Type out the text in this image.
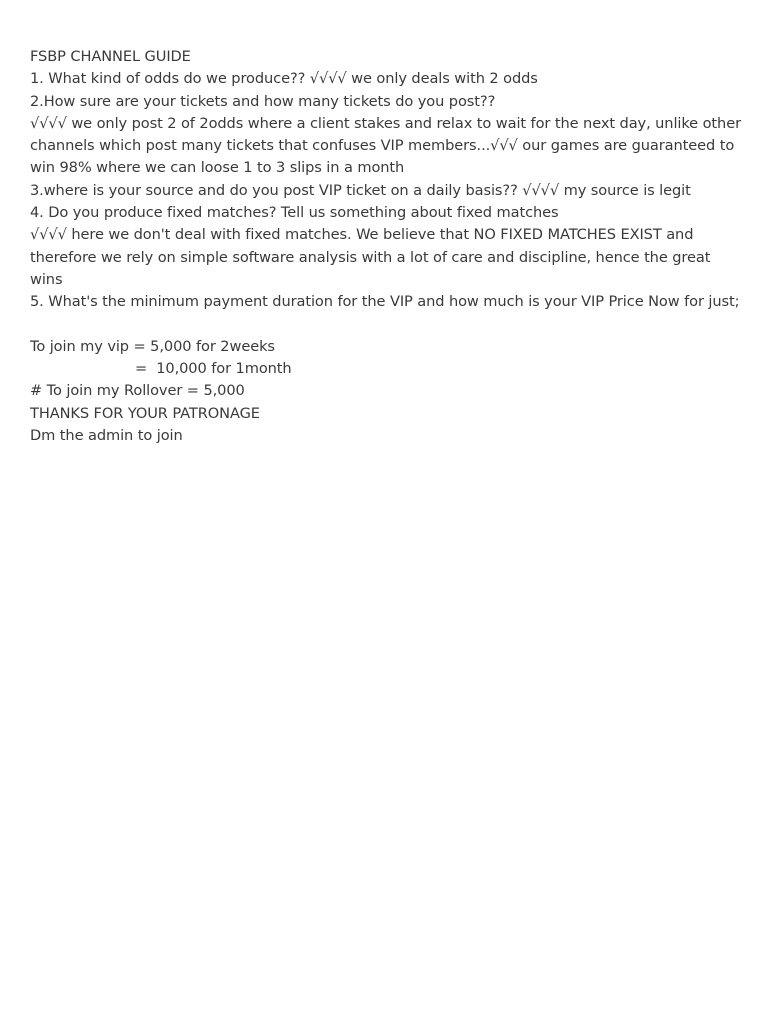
FSBP CHANNEL GUIDE
1. What kind of odds do we produce?? √√√√ we only deals with 2 odds
2.How sure are your tickets and how many tickets do you post??
√√√√ we only post 2 of 2odds where a client stakes and relax to wait for the next day, unlike other channels which post many tickets that confuses VIP members...√√√ our games are guaranteed to win 98% where we can loose 1 to 3 slips in a month
3.where is your source and do you post VIP ticket on a daily basis?? √√√√ my source is legit
4. Do you produce fixed matches? Tell us something about fixed matches
√√√√ here we don't deal with fixed matches. We believe that NO FIXED MATCHES EXIST and therefore we rely on simple software analysis with a lot of care and discipline, hence the great wins
5. What's the minimum payment duration for the VIP and how much is your VIP Price Now for just;
To join my vip = 5,000 for 2weeks
=  10,000 for 1month
# To join my Rollover = 5,000
THANKS FOR YOUR PATRONAGE
Dm the admin to join
